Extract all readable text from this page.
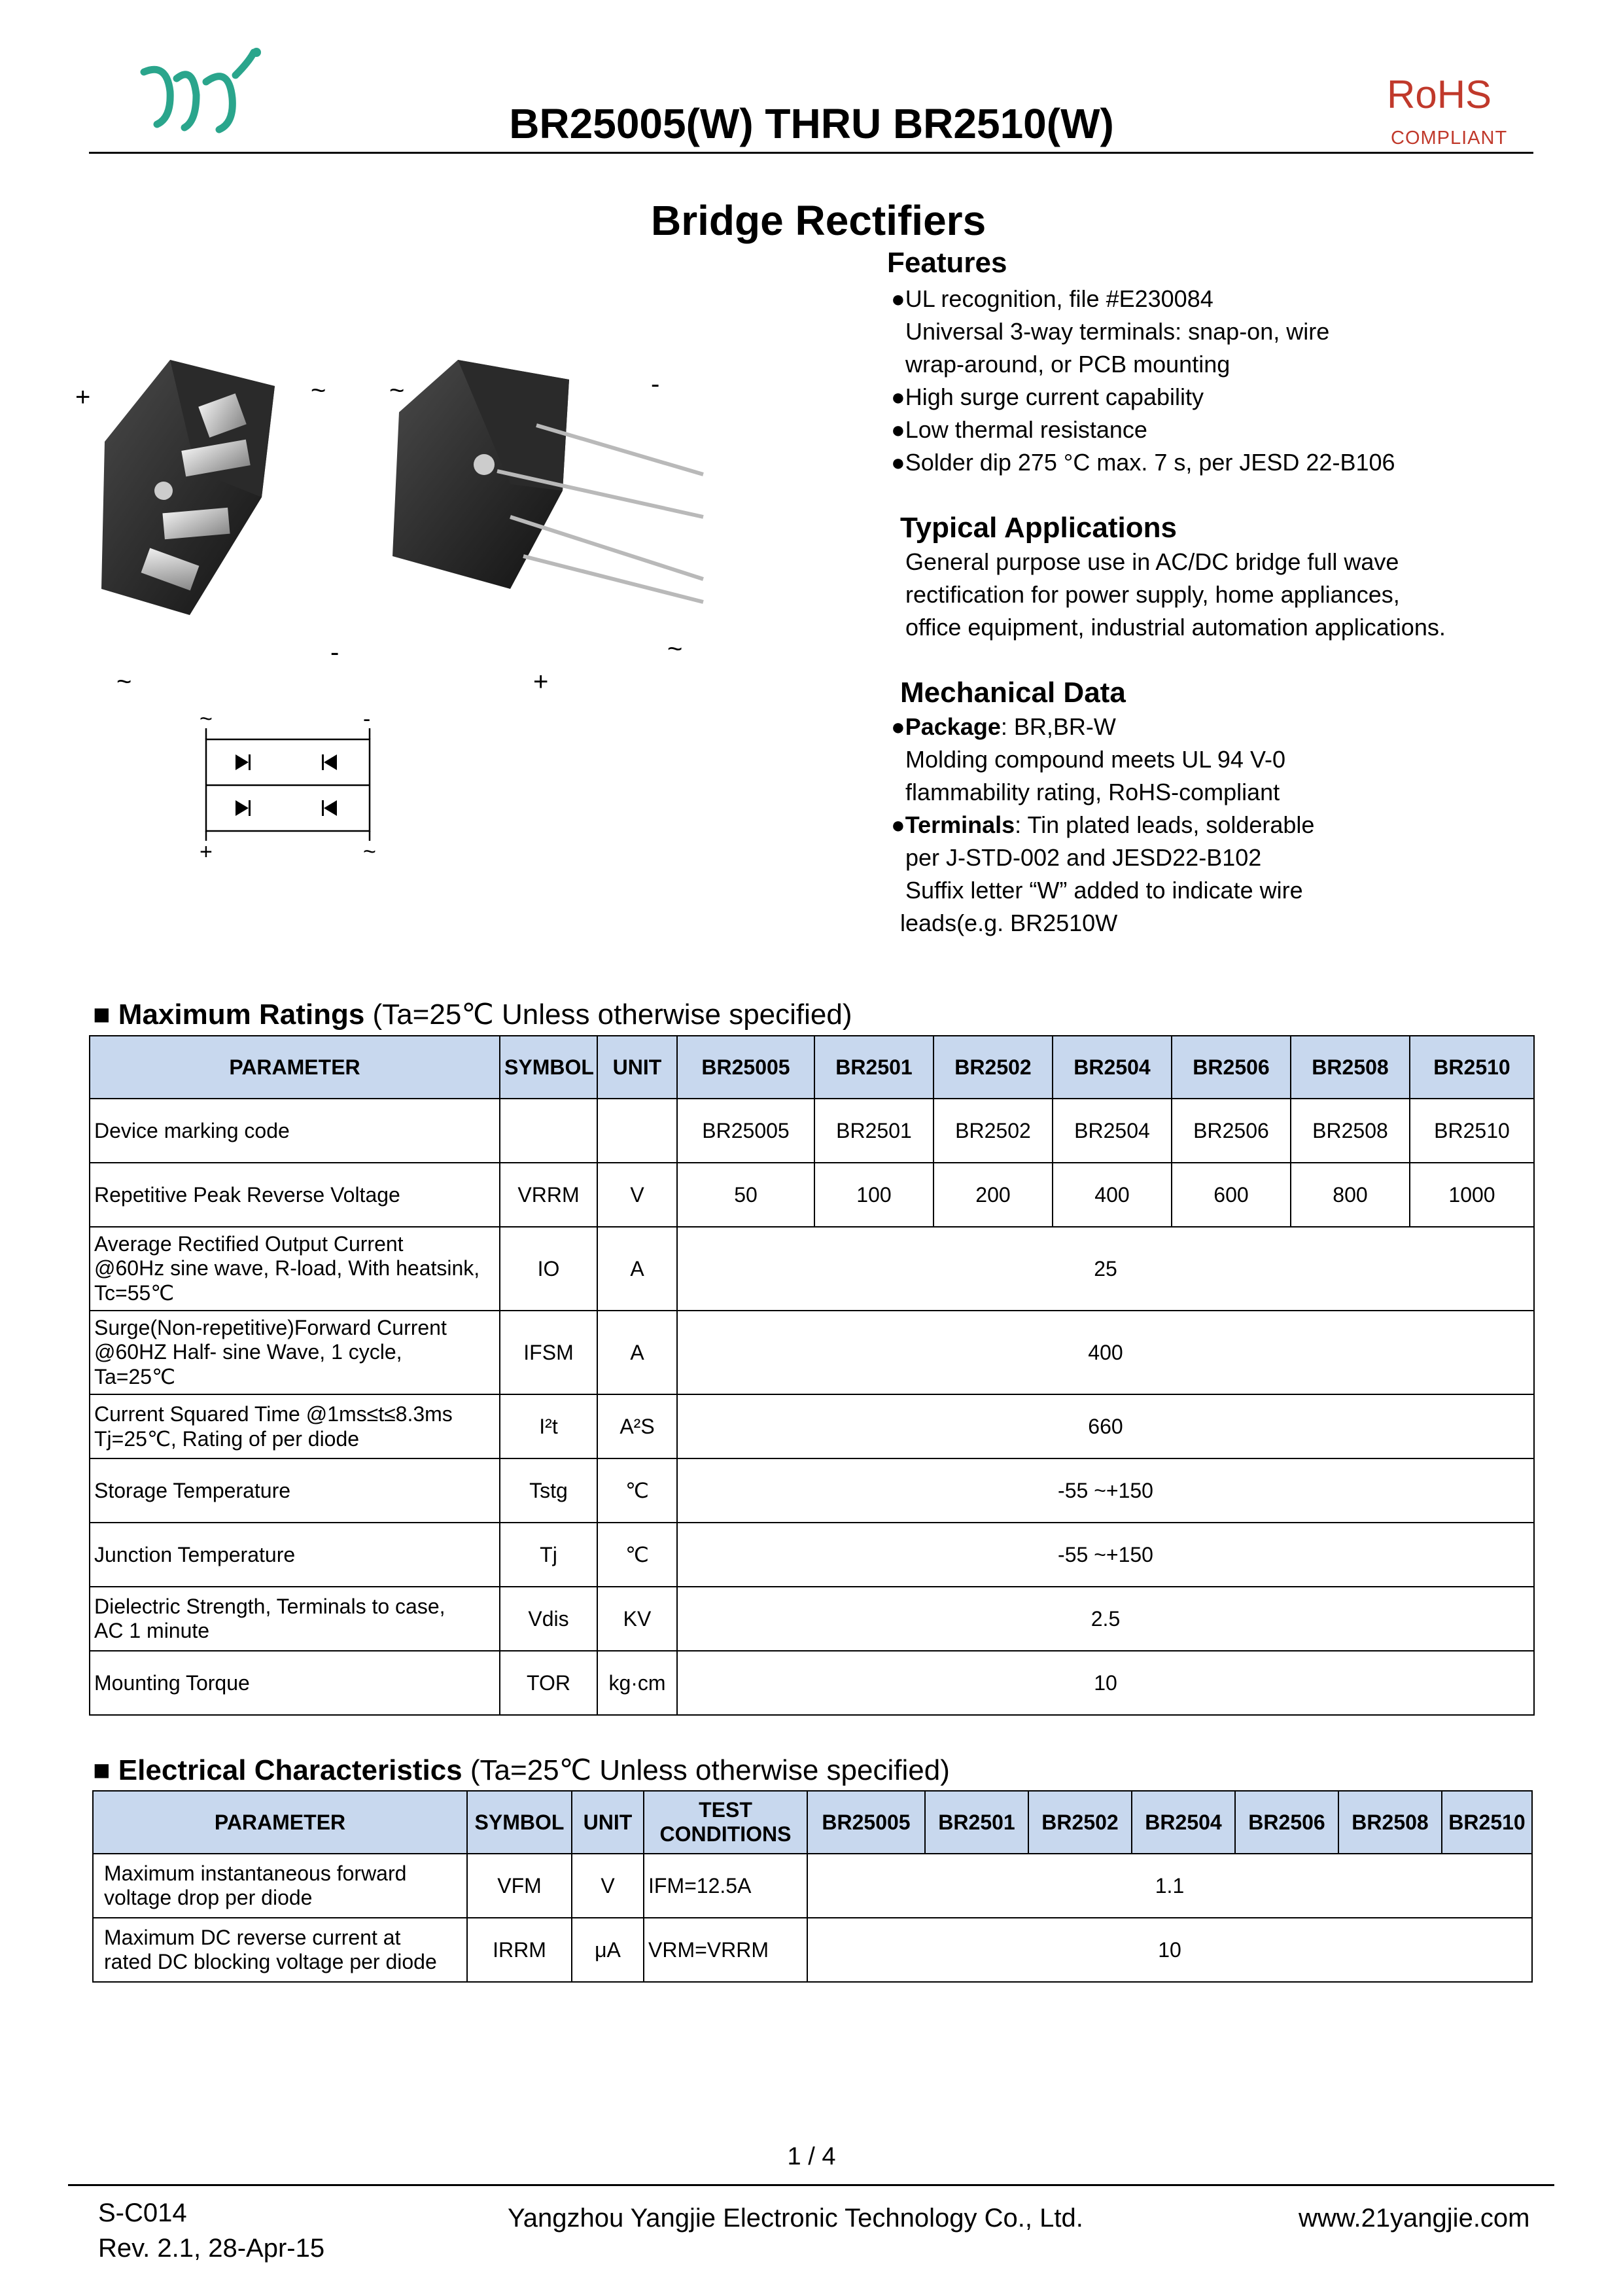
BR25005(W) THRU BR2510(W)
RoHS
COMPLIANT
Bridge Rectifiers
Features
●UL recognition, file #E230084
Universal 3-way terminals: snap-on, wire
wrap-around, or PCB mounting
●High surge current capability
●Low thermal resistance
●Solder dip 275 °C max. 7 s, per JESD 22-B106
Typical Applications
General purpose use in AC/DC bridge full wave
rectification for power supply, home appliances,
office equipment, industrial automation applications.
Mechanical Data
●Package: BR,BR-W
Molding compound meets UL 94 V-0
flammability rating, RoHS-compliant
●Terminals: Tin plated leads, solderable
per J-STD-002 and JESD22-B102
Suffix letter “W” added to indicate wire
leads(e.g. BR2510W
+	~ ~	-
-	~
~	+
~	-
+	~
■ Maximum Ratings (Ta=25℃ Unless otherwise specified)
PARAMETER	SYMBOL	UNIT	BR25005	BR2501	BR2502	BR2504	BR2506	BR2508	BR2510
Device marking code			BR25005	BR2501	BR2502	BR2504	BR2506	BR2508	BR2510
Repetitive Peak Reverse Voltage	VRRM	V	50	100	200	400	600	800	1000

Average Rectified Output Current
@60Hz sine wave, R-load, With heatsink,
Tc=55℃	IO	A	25						

Surge(Non-repetitive)Forward Current
@60HZ Half- sine Wave, 1 cycle,
Ta=25℃	IFSM	A	400						

Current Squared Time @1ms≤t≤8.3ms
Tj=25℃, Rating of per diode	I²t	A²S	660						
Storage Temperature	Tstg	℃	-55 ~+150						
Junction Temperature	Tj	℃	-55 ~+150						

Dielectric Strength, Terminals to case,
AC 1 minute	Vdis	KV	2.5						
Mounting Torque	TOR	kg·cm	10						
■ Electrical Characteristics (Ta=25℃ Unless otherwise specified)
PARAMETER	SYMBOL	UNIT	TEST CONDITIONS	BR25005	BR2501	BR2502	BR2504	BR2506	BR2508	BR2510

Maximum instantaneous forward
voltage drop per diode	VFM	V	IFM=12.5A	1.1						

Maximum DC reverse current at
rated DC blocking voltage per diode	IRRM	μA	VRM=VRRM	10						
1 / 4
S-C014
Rev. 2.1, 28-Apr-15
Yangzhou Yangjie Electronic Technology Co., Ltd.	www.21yangjie.com
